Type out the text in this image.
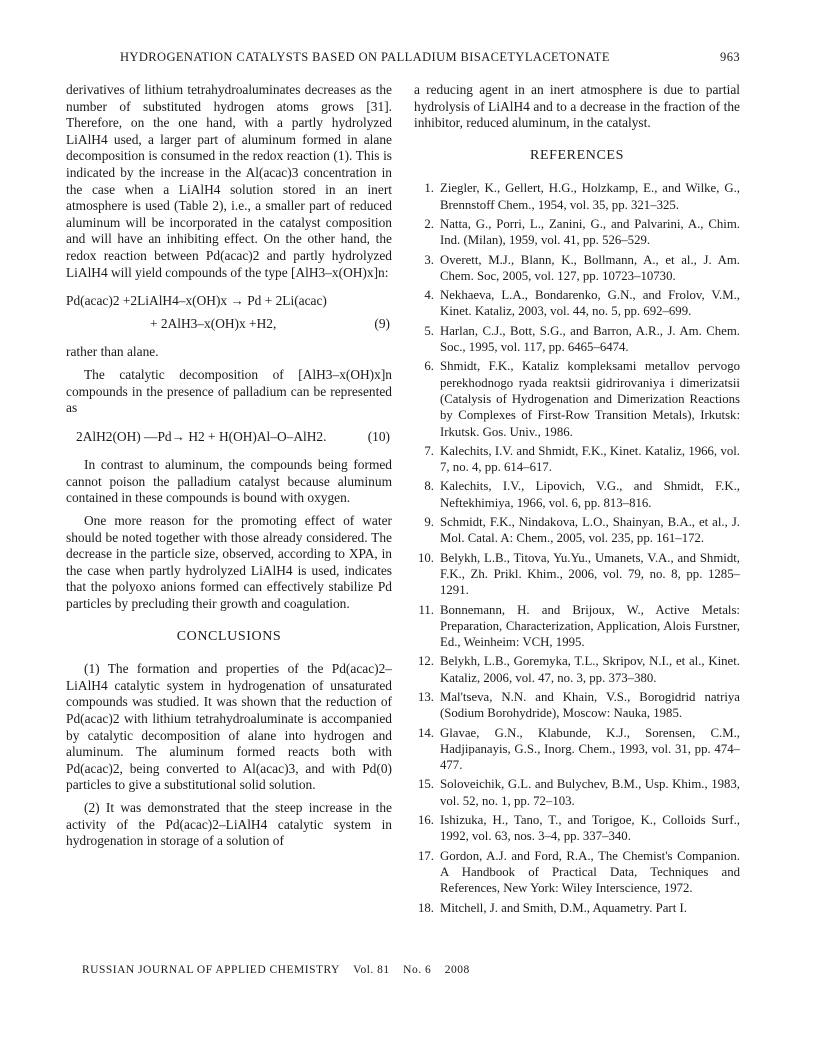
HYDROGENATION CATALYSTS BASED ON PALLADIUM BISACETYLACETONATE	963

derivatives of lithium tetrahydroaluminates decreases as the number of substituted hydrogen atoms grows [31]. Therefore, on the one hand, with a partly hydrolyzed LiAlH4 used, a larger part of aluminum formed in alane decomposition is consumed in the redox reaction (1). This is indicated by the increase in the Al(acac)3 concentration in the case when a LiAlH4 solution stored in an inert atmosphere is used (Table 2), i.e., a smaller part of reduced aluminum will be incorporated in the catalyst composition and will have an inhibiting effect. On the other hand, the redox reaction between Pd(acac)2 and partly hydrolyzed LiAlH4 will yield compounds of the type [AlH3–x(OH)x]n:

Pd(acac)2 +2LiAlH4–x(OH)x → Pd + 2Li(acac)

+ 2AlH3–x(OH)x +H2,	(9)

rather than alane.

The catalytic decomposition of [AlH3–x(OH)x]n compounds in the presence of palladium can be represented as

2AlH2(OH) —Pd→ H2 + H(OH)Al–O–AlH2.	(10)

In contrast to aluminum, the compounds being formed cannot poison the palladium catalyst because aluminum contained in these compounds is bound with oxygen.

One more reason for the promoting effect of water should be noted together with those already considered. The decrease in the particle size, observed, according to XPA, in the case when partly hydrolyzed LiAlH4 is used, indicates that the polyoxo anions formed can effectively stabilize Pd particles by precluding their growth and coagulation.

CONCLUSIONS

(1) The formation and properties of the Pd(acac)2–LiAlH4 catalytic system in hydrogenation of unsaturated compounds was studied. It was shown that the reduction of Pd(acac)2 with lithium tetrahydroaluminate is accompanied by catalytic decomposition of alane into hydrogen and aluminum. The aluminum formed reacts both with Pd(acac)2, being converted to Al(acac)3, and with Pd(0) particles to give a substitutional solid solution.

(2) It was demonstrated that the steep increase in the activity of the Pd(acac)2–LiAlH4 catalytic system in hydrogenation in storage of a solution of

a reducing agent in an inert atmosphere is due to partial hydrolysis of LiAlH4 and to a decrease in the fraction of the inhibitor, reduced aluminum, in the catalyst.

REFERENCES
1. Ziegler, K., Gellert, H.G., Holzkamp, E., and Wilke, G., Brennstoff Chem., 1954, vol. 35, pp. 321–325.
2. Natta, G., Porri, L., Zanini, G., and Palvarini, A., Chim. Ind. (Milan), 1959, vol. 41, pp. 526–529.
3. Overett, M.J., Blann, K., Bollmann, A., et al., J. Am. Chem. Soc, 2005, vol. 127, pp. 10723–10730.
4. Nekhaeva, L.A., Bondarenko, G.N., and Frolov, V.M., Kinet. Kataliz, 2003, vol. 44, no. 5, pp. 692–699.
5. Harlan, C.J., Bott, S.G., and Barron, A.R., J. Am. Chem. Soc., 1995, vol. 117, pp. 6465–6474.
6. Shmidt, F.K., Kataliz kompleksami metallov pervogo perekhodnogo ryada reaktsii gidrirovaniya i dimerizatsii (Catalysis of Hydrogenation and Dimerization Reactions by Complexes of First-Row Transition Metals), Irkutsk: Irkutsk. Gos. Univ., 1986.
7. Kalechits, I.V. and Shmidt, F.K., Kinet. Kataliz, 1966, vol. 7, no. 4, pp. 614–617.
8. Kalechits, I.V., Lipovich, V.G., and Shmidt, F.K., Neftekhimiya, 1966, vol. 6, pp. 813–816.
9. Schmidt, F.K., Nindakova, L.O., Shainyan, B.A., et al., J. Mol. Catal. A: Chem., 2005, vol. 235, pp. 161–172.
10. Belykh, L.B., Titova, Yu.Yu., Umanets, V.A., and Shmidt, F.K., Zh. Prikl. Khim., 2006, vol. 79, no. 8, pp. 1285–1291.
11. Bonnemann, H. and Brijoux, W., Active Metals: Preparation, Characterization, Application, Alois Furstner, Ed., Weinheim: VCH, 1995.
12. Belykh, L.B., Goremyka, T.L., Skripov, N.I., et al., Kinet. Kataliz, 2006, vol. 47, no. 3, pp. 373–380.
13. Mal'tseva, N.N. and Khain, V.S., Borogidrid natriya (Sodium Borohydride), Moscow: Nauka, 1985.
14. Glavae, G.N., Klabunde, K.J., Sorensen, C.M., Hadjipanayis, G.S., Inorg. Chem., 1993, vol. 31, pp. 474–477.
15. Soloveichik, G.L. and Bulychev, B.M., Usp. Khim., 1983, vol. 52, no. 1, pp. 72–103.
16. Ishizuka, H., Tano, T., and Torigoe, K., Colloids Surf., 1992, vol. 63, nos. 3–4, pp. 337–340.
17. Gordon, A.J. and Ford, R.A., The Chemist's Companion. A Handbook of Practical Data, Techniques and References, New York: Wiley Interscience, 1972.
18. Mitchell, J. and Smith, D.M., Aquametry. Part I.
RUSSIAN JOURNAL OF APPLIED CHEMISTRY Vol. 81 No. 6 2008
